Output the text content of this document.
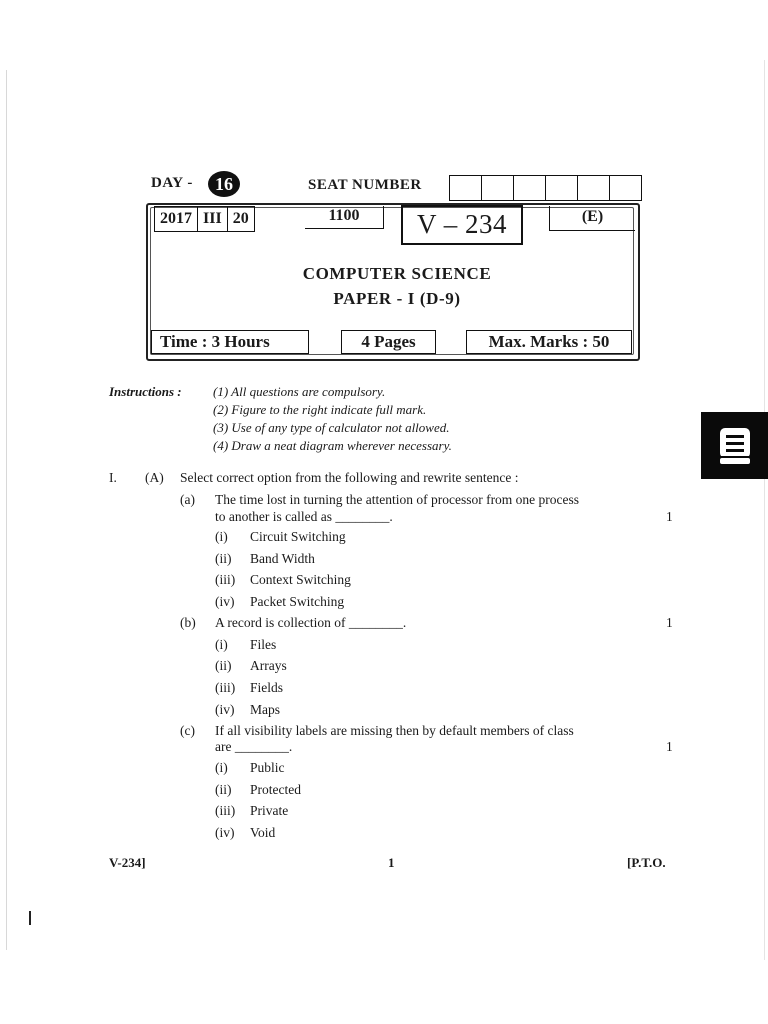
DAY -	16	SEAT NUMBER
2017 III 20	1100	V – 234	(E)
COMPUTER SCIENCE
PAPER - I (D-9)
Time : 3 Hours	4 Pages	Max. Marks : 50
Instructions : (1) All questions are compulsory.
(2) Figure to the right indicate full mark.
(3) Use of any type of calculator not allowed.
(4) Draw a neat diagram wherever necessary.
I. (A) Select correct option from the following and rewrite sentence :
(a) The time lost in turning the attention of processor from one process
to another is called as ________.	1
(i) Circuit Switching
(ii) Band Width
(iii) Context Switching
(iv) Packet Switching
(b) A record is collection of ________.	1
(i) Files
(ii) Arrays
(iii) Fields
(iv) Maps
(c) If all visibility labels are missing then by default members of class
are ________.	1
(i) Public
(ii) Protected
(iii) Private
(iv) Void
V-234]	1	[P.T.O.
